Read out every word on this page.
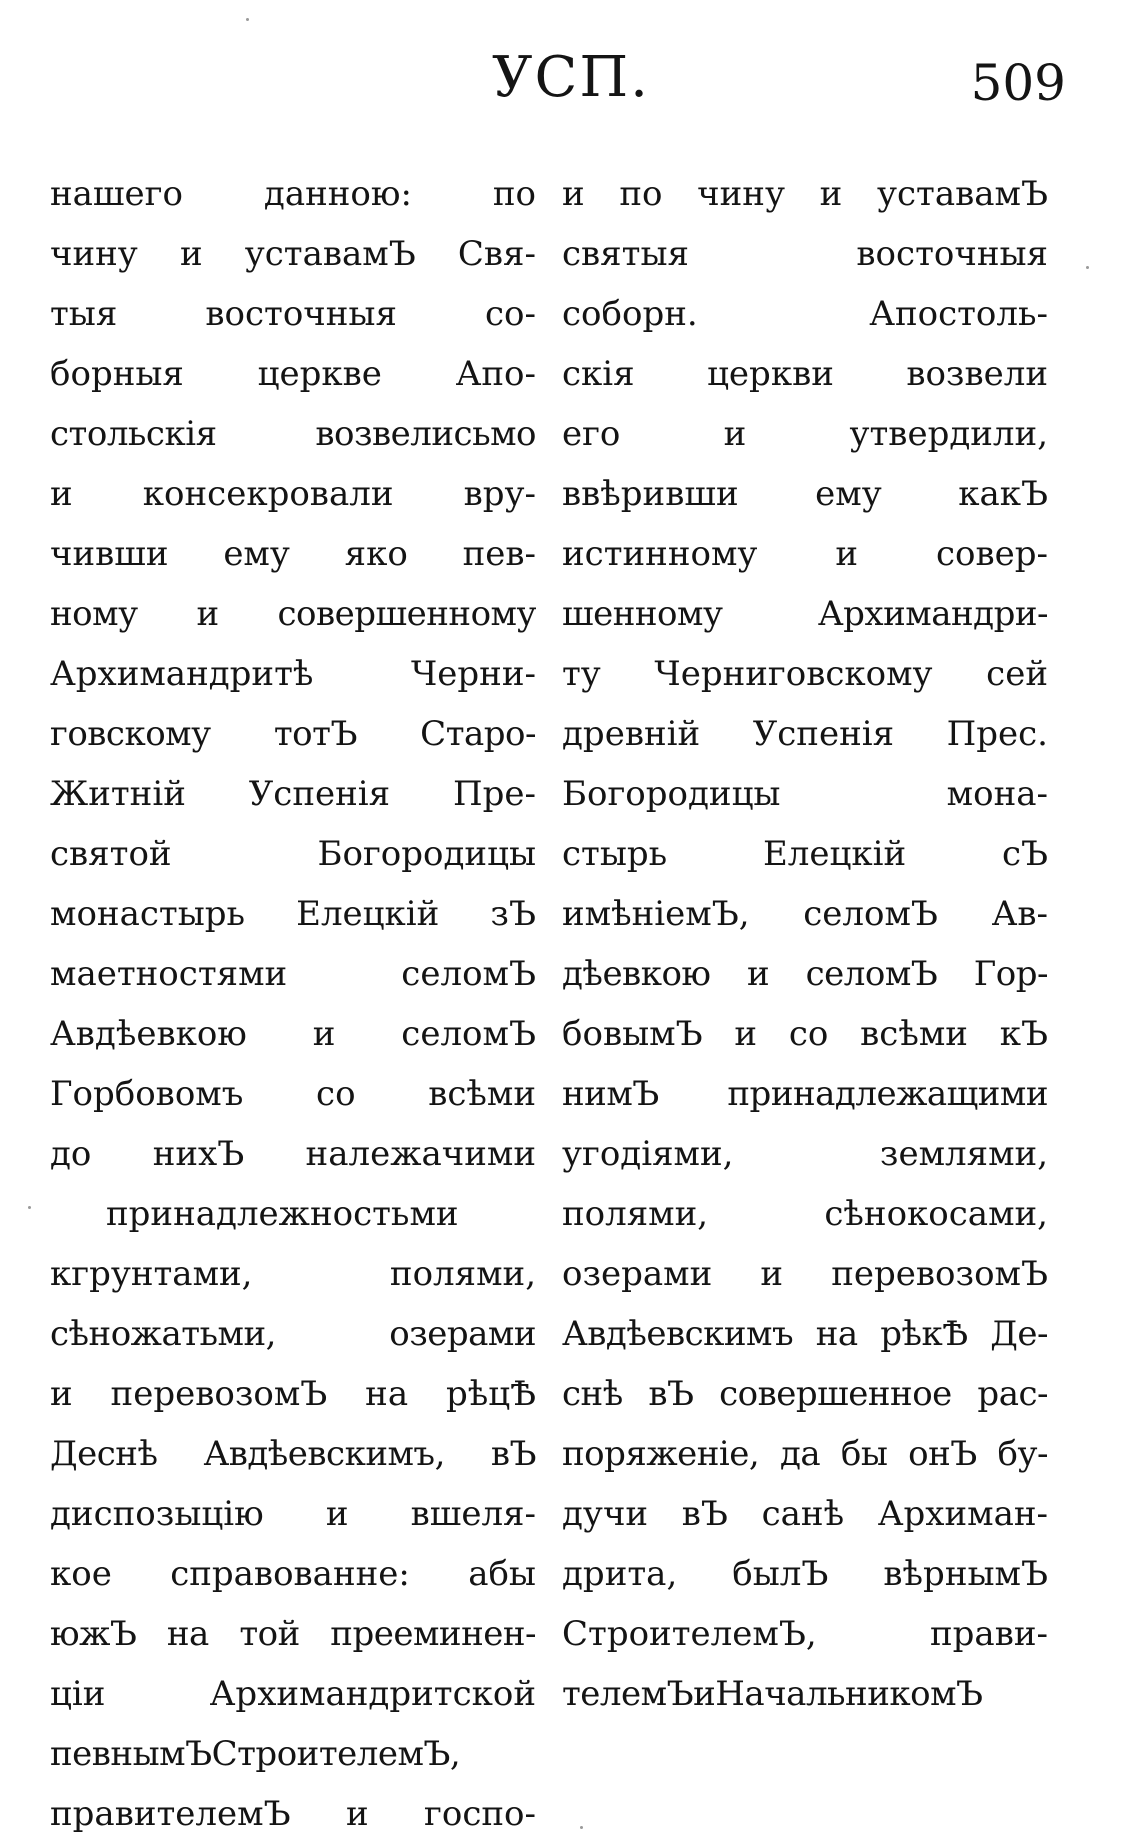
УСП.	509
нашего данною: по
чину и уставамЪ Свя-
тыя восточныя со-
борныя церкве Апо-
стольскія возвелисьмо
и консекровали вру-
чивши ему яко пев-
ному и совершенному
Архимандритѣ Черни-
говскому тотЪ Старо-
Житній Успенія Пре-
святой Богородицы
монастырь Елецкій зЪ
маетностями селомЪ
Авдѣевкою и селомЪ
Горбовомъ со всѣми
до нихЪ належачими
принадлежностьми
кгрунтами, полями,
сѣножатьми, озерами
и перевозомЪ на рѣцѢ
Деснѣ Авдѣевскимъ, вЪ
диспозыцію и вшеля-
кое справованне: абы
южЪ на той прееминен-
ціи Архимандритской
певнымЪСтроителемЪ,
правителемЪ и госпо-
и по чину и уставамЪ
святыя восточныя
соборн. Апостоль-
скія церкви возвели
его и утвердили,
ввѣривши ему какЪ
истинному и совер-
шенному Архимандри-
ту Черниговскому сей
древній Успенія Прес.
Богородицы мона-
стырь Елецкій сЪ
имѣніемЪ, селомЪ Ав-
дѣевкою и селомЪ Гор-
бовымЪ и со всѣми кЪ
нимЪ принадлежащими
угодіями, землями,
полями, сѣнокосами,
озерами и перевозомЪ
Авдѣевскимъ на рѣкѢ Де-
снѣ вЪ совершенное рас-
поряженіе, да бы онЪ бу-
дучи вЪ санѣ Архиман-
дрита, былЪ вѣрнымЪ
СтроителемЪ, прави-
телемЪиНачальникомЪ
